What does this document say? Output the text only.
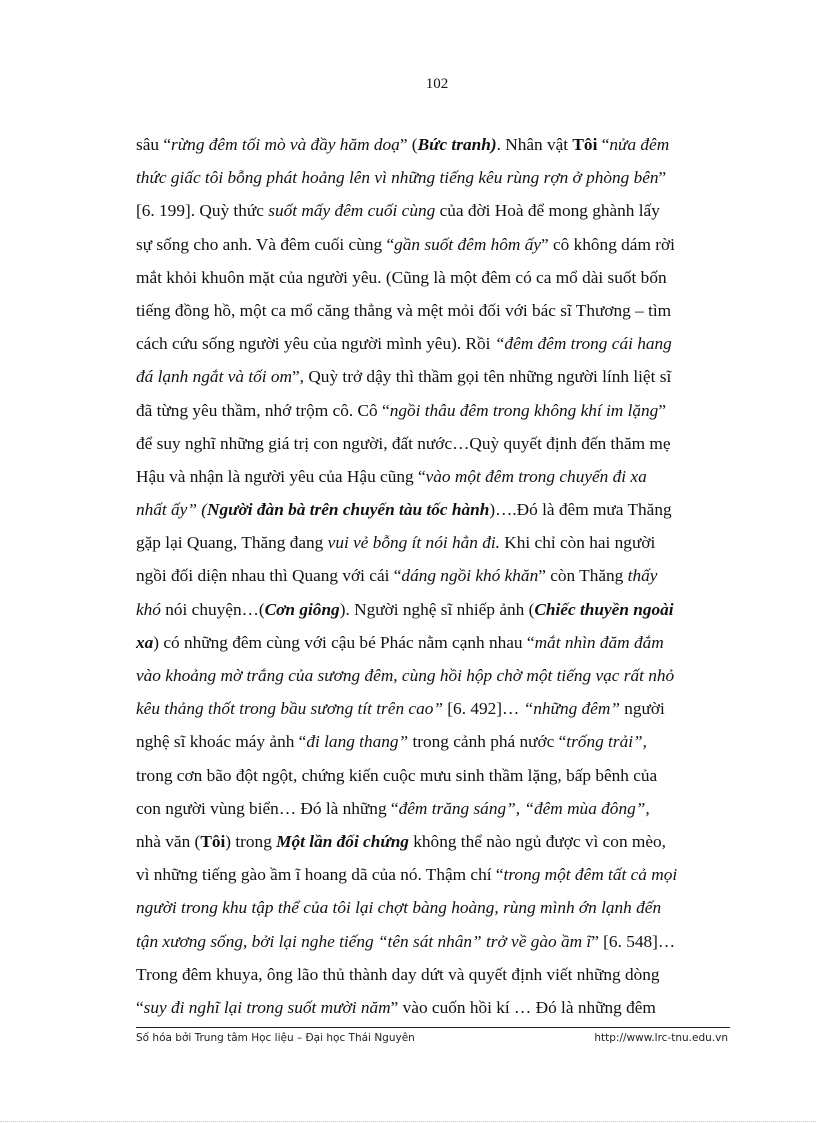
102
sâu “rừng đêm tối mò và đầy hăm doạ” (Bức tranh). Nhân vật Tôi “nửa đêm
thức giấc tôi bỗng phát hoảng lên vì những tiếng kêu rùng rợn ở phòng bên”
[6. 199]. Quỳ thức suốt mấy đêm cuối cùng của đời Hoà để mong ghành lấy
sự sống cho anh. Và đêm cuối cùng “gần suốt đêm hôm ấy” cô không dám rời
mắt khỏi khuôn mặt của người yêu. (Cũng là một đêm có ca mổ dài suốt bốn
tiếng đồng hồ, một ca mổ căng thẳng và mệt mỏi đối với bác sĩ Thương – tìm
cách cứu sống người yêu của người mình yêu). Rồi “đêm đêm trong cái hang
đá lạnh ngắt và tối om”, Quỳ trở dậy thì thầm gọi tên những người lính liệt sĩ
đã từng yêu thầm, nhớ trộm cô. Cô “ngồi thâu đêm trong không khí im lặng”
để suy nghĩ những giá trị con người, đất nước…Quỳ quyết định đến thăm mẹ
Hậu và nhận là người yêu của Hậu cũng “vào một đêm trong chuyến đi xa
nhất ấy” (Người đàn bà trên chuyến tàu tốc hành)….Đó là đêm mưa Thăng
gặp lại Quang, Thăng đang vui vẻ bỗng ít nói hẳn đi. Khi chỉ còn hai người
ngồi đối diện nhau thì Quang với cái “dáng ngồi khó khăn” còn Thăng thấy
khó nói chuyện…(Cơn giông). Người nghệ sĩ nhiếp ảnh (Chiếc thuyền ngoài
xa) có những đêm cùng với cậu bé Phác nằm cạnh nhau “mắt nhìn đăm đắm
vào khoảng mờ trắng của sương đêm, cùng hồi hộp chờ một tiếng vạc rất nhỏ
kêu thảng thốt trong bầu sương tít trên cao” [6. 492]… “những đêm” người
nghệ sĩ khoác máy ảnh “đi lang thang” trong cảnh phá nước “trống trải”,
trong cơn bão đột ngột, chứng kiến cuộc mưu sinh thầm lặng, bấp bênh của
con người vùng biển… Đó là những “đêm trăng sáng”, “đêm mùa đông”,
nhà văn (Tôi) trong Một lần đối chứng không thể nào ngủ được vì con mèo,
vì những tiếng gào ầm ĩ hoang dã của nó. Thậm chí “trong một đêm tất cả mọi
người trong khu tập thể của tôi lại chợt bàng hoàng, rùng mình ớn lạnh đến
tận xương sống, bởi lại nghe tiếng “tên sát nhân” trở về gào ầm ĩ” [6. 548]…
Trong đêm khuya, ông lão thủ thành day dứt và quyết định viết những dòng
“suy đi nghĩ lại trong suốt mười năm” vào cuốn hồi kí … Đó là những đêm
Số hóa bởi Trung tâm Học liệu – Đại học Thái Nguyên	http://www.lrc-tnu.edu.vn
